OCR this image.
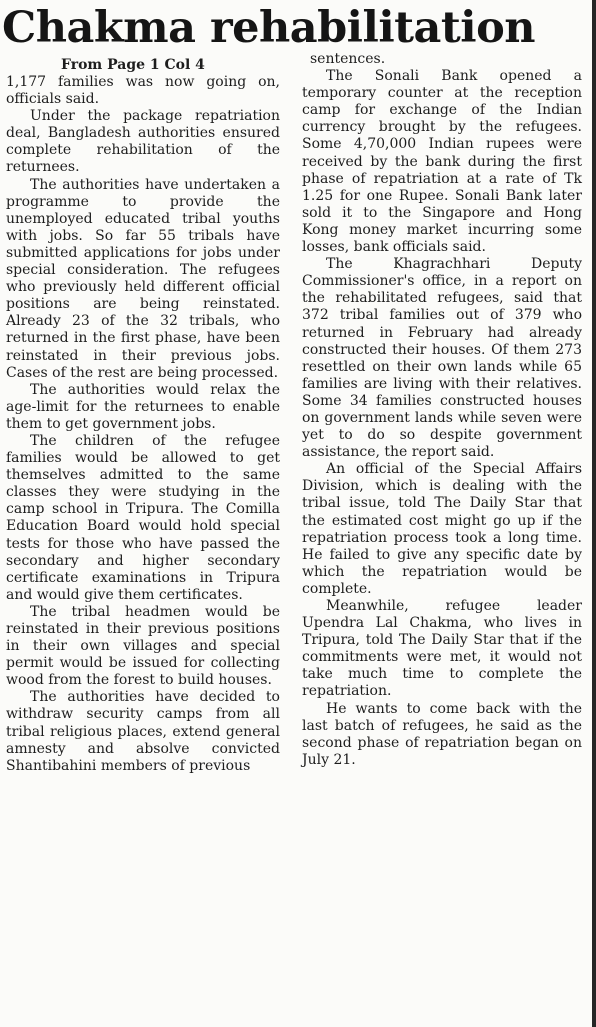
Chakma rehabilitation
From Page 1 Col 4

1,177 families was now going on, officials said.

Under the package repatriation deal, Bangladesh authorities ensured complete rehabilitation of the returnees.

The authorities have undertaken a programme to provide the unemployed educated tribal youths with jobs. So far 55 tribals have submitted applications for jobs under special consideration. The refugees who previously held different official positions are being reinstated. Already 23 of the 32 tribals, who returned in the first phase, have been reinstated in their previous jobs. Cases of the rest are being processed.

The authorities would relax the age-limit for the returnees to enable them to get government jobs.

The children of the refugee families would be allowed to get themselves admitted to the same classes they were studying in the camp school in Tripura. The Comilla Education Board would hold special tests for those who have passed the secondary and higher secondary certificate examinations in Tripura and would give them certificates.

The tribal headmen would be reinstated in their previous positions in their own villages and special permit would be issued for collecting wood from the forest to build houses.

The authorities have decided to withdraw security camps from all tribal religious places, extend general amnesty and absolve convicted Shantibahini members of previous

sentences.

The Sonali Bank opened a temporary counter at the reception camp for exchange of the Indian currency brought by the refugees. Some 4,70,000 Indian rupees were received by the bank during the first phase of repatriation at a rate of Tk 1.25 for one Rupee. Sonali Bank later sold it to the Singapore and Hong Kong money market incurring some losses, bank officials said.

The Khagrachhari Deputy Commissioner's office, in a report on the rehabilitated refugees, said that 372 tribal families out of 379 who returned in February had already constructed their houses. Of them 273 resettled on their own lands while 65 families are living with their relatives. Some 34 families constructed houses on government lands while seven were yet to do so despite government assistance, the report said.

An official of the Special Affairs Division, which is dealing with the tribal issue, told The Daily Star that the estimated cost might go up if the repatriation process took a long time. He failed to give any specific date by which the repatriation would be complete.

Meanwhile, refugee leader Upendra Lal Chakma, who lives in Tripura, told The Daily Star that if the commitments were met, it would not take much time to complete the repatriation.

He wants to come back with the last batch of refugees, he said as the second phase of repatriation began on July 21.
